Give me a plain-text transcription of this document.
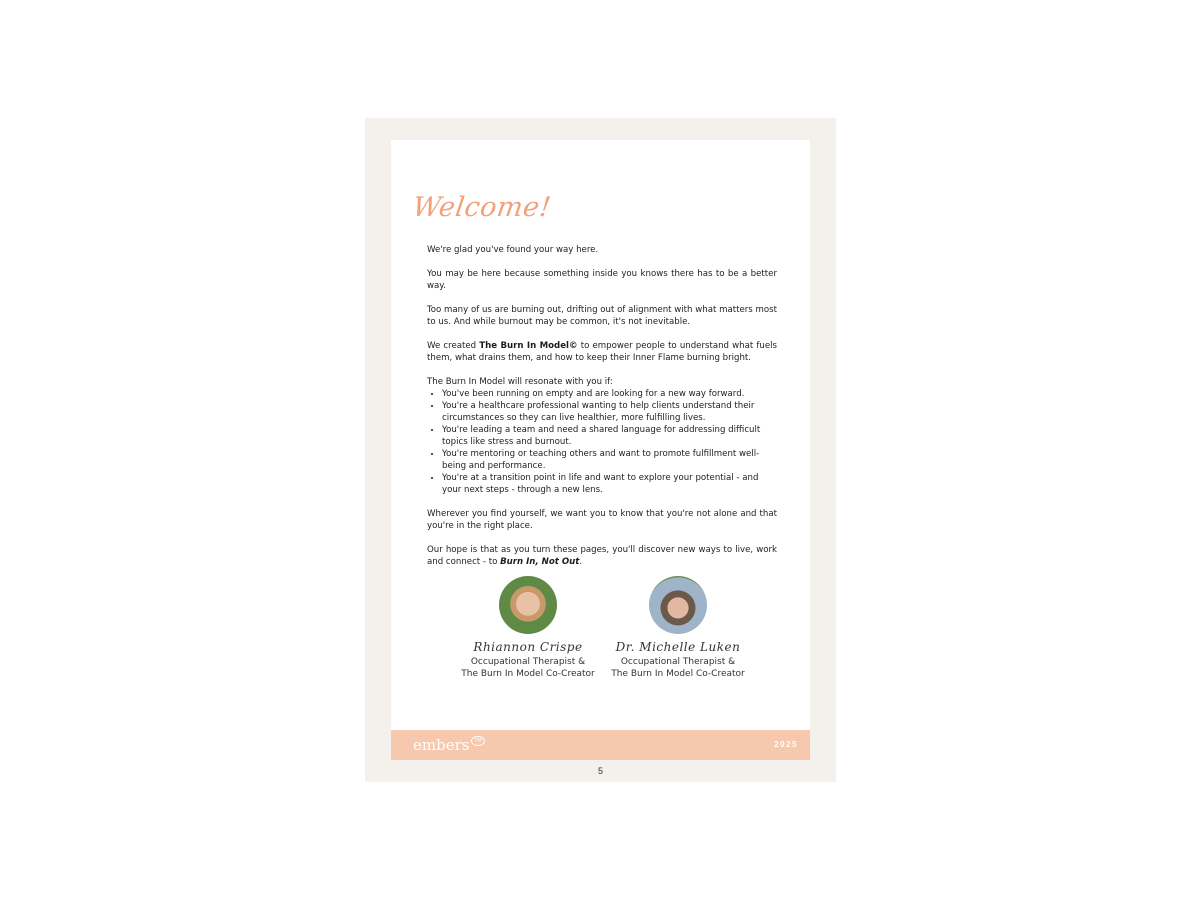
Welcome!

We're glad you've found your way here.

You may be here because something inside you knows there has to be a better way.

Too many of us are burning out, drifting out of alignment with what matters most to us. And while burnout may be common, it's not inevitable.

We created The Burn In Model© to empower people to understand what fuels them, what drains them, and how to keep their Inner Flame burning bright.

The Burn In Model will resonate with you if:

• You've been running on empty and are looking for a new way forward.
• You're a healthcare professional wanting to help clients understand their circumstances so they can live healthier, more fulfilling lives.
• You're leading a team and need a shared language for addressing difficult topics like stress and burnout.
• You're mentoring or teaching others and want to promote fulfillment well-being and performance.
• You're at a transition point in life and want to explore your potential - and your next steps - through a new lens.

Wherever you find yourself, we want you to know that you're not alone and that you're in the right place.

Our hope is that as you turn these pages, you'll discover new ways to live, work and connect - to Burn In, Not Out.

Rhiannon Crispe
Occupational Therapist &
The Burn In Model Co-Creator
Dr. Michelle Luken
Occupational Therapist &
The Burn In Model Co-Creator
embers TM	2025
5
